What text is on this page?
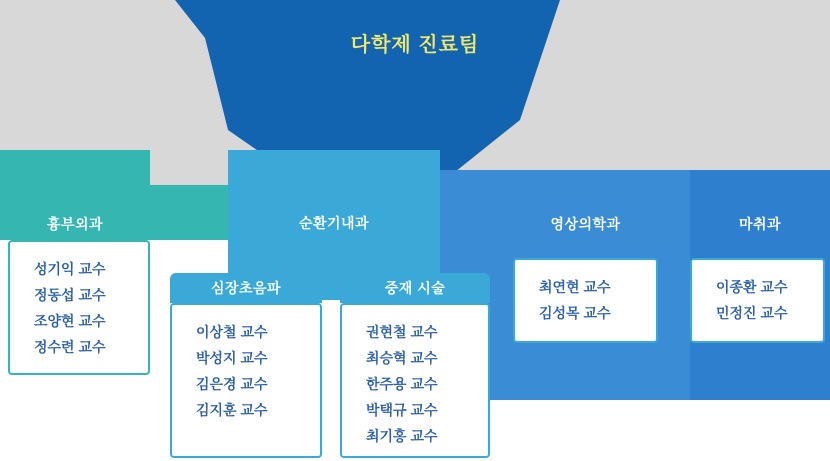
다학제 진료팀
흉부외과	순환기내과	영상의학과	마취과
심장초음파	중재 시술
성기익 교수
정동섭 교수
조양현 교수
정수련 교수
이상철 교수
박성지 교수
김은경 교수
김지훈 교수
권현철 교수
최승혁 교수
한주용 교수
박택규 교수
최기홍 교수
최연현 교수
김성목 교수
이종환 교수
민정진 교수
